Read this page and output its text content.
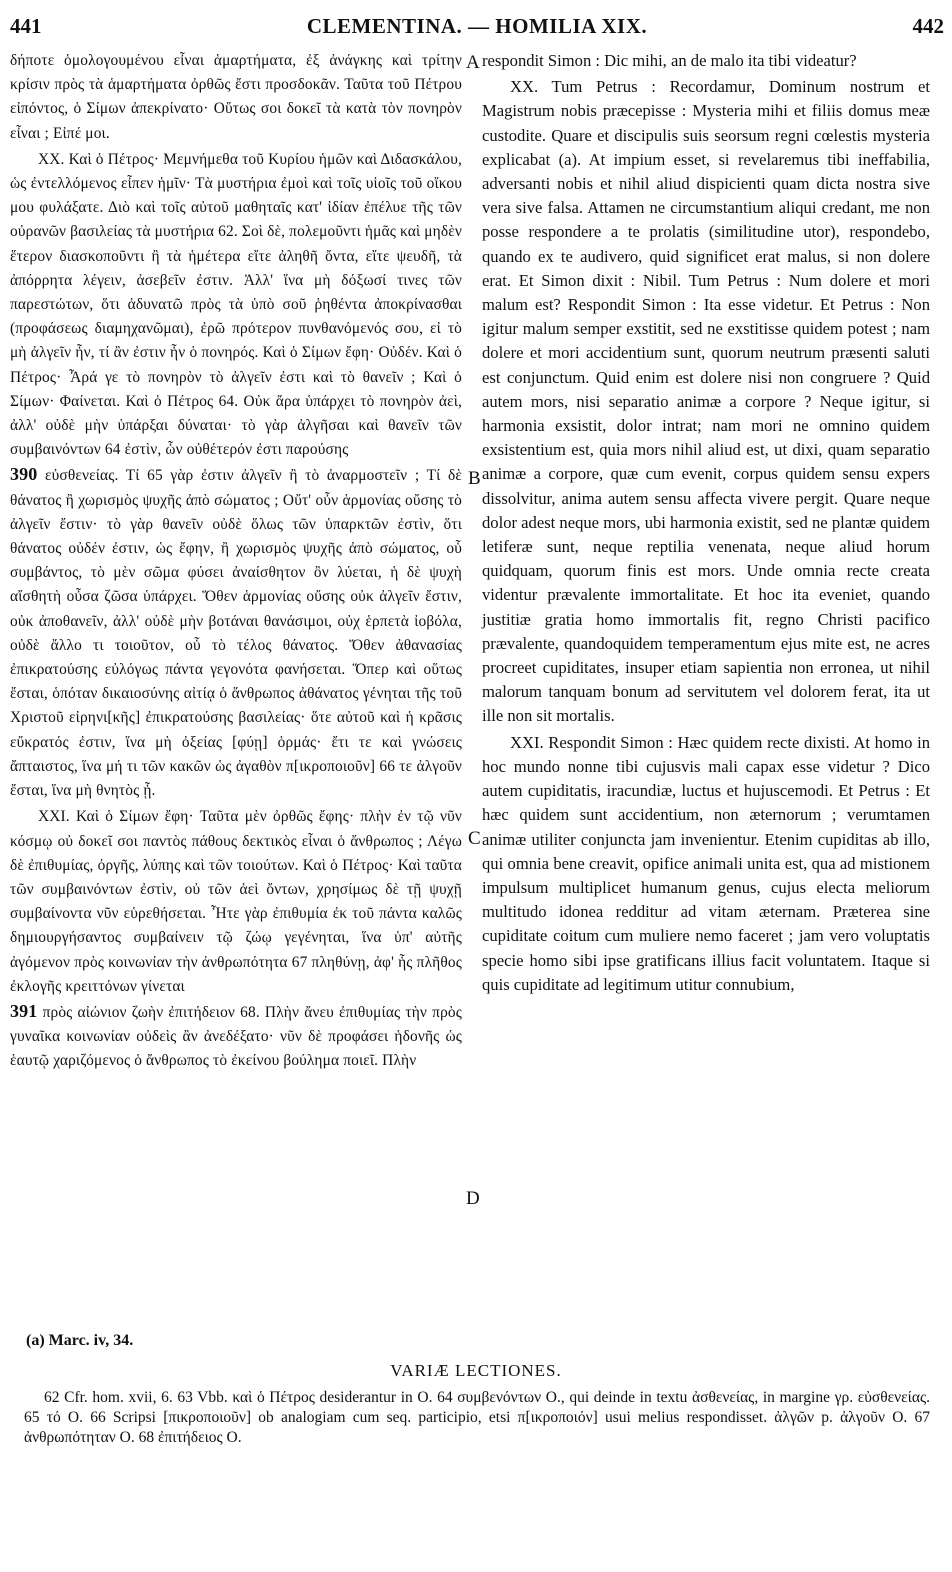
441	CLEMENTINA. — HOMILIA XIX.	442

δήποτε ὁμολογουμένου εἶναι ἁμαρτήματα, ἐξ ἀνάγκης καὶ τρίτην κρίσιν πρὸς τὰ ἁμαρτήματα ὀρθῶς ἔστι προσδοκᾶν. Ταῦτα τοῦ Πέτρου εἰπόντος, ὁ Σίμων ἀπεκρίνατο· Οὕτως σοι δοκεῖ τὰ κατὰ τὸν πονηρὸν εἶναι ; Εἰπέ μοι.

XX. Καὶ ὁ Πέτρος· Μεμνήμεθα τοῦ Κυρίου ἡμῶν καὶ Διδασκάλου, ὡς ἐντελλόμενος εἶπεν ἡμῖν· Τὰ μυστήρια ἐμοὶ καὶ τοῖς υἱοῖς τοῦ οἴκου μου φυλάξατε. Διὸ καὶ τοῖς αὐτοῦ μαθηταῖς κατ' ἰδίαν ἐπέλυε τῆς τῶν οὐρανῶν βασιλείας τὰ μυστήρια 62. Σοὶ δὲ, πολεμοῦντι ἡμᾶς καὶ μηδὲν ἕτερον διασκοποῦντι ἢ τὰ ἡμέτερα εἴτε ἀληθῆ ὄντα, εἴτε ψευδῆ, τὰ ἀπόρρητα λέγειν, ἀσεβεῖν ἐστιν. Ἀλλ' ἵνα μὴ δόξωσί τινες τῶν παρεστώτων, ὅτι ἀδυνατῶ πρὸς τὰ ὑπὸ σοῦ ῥηθέντα ἀποκρίνασθαι (προφάσεως διαμηχανῶμαι), ἐρῶ πρότερον πυνθανόμενός σου, εἰ τὸ μὴ ἀλγεῖν ἦν, τί ἂν ἐστιν ἦν ὁ πονηρός. Καὶ ὁ Σίμων ἔφη· Οὐδέν. Καὶ ὁ Πέτρος· Ἆρά γε τὸ πονηρὸν τὸ ἀλγεῖν ἐστι καὶ τὸ θανεῖν ; Καὶ ὁ Σίμων· Φαίνεται. Καὶ ὁ Πέτρος 64. Οὐκ ἄρα ὑπάρχει τὸ πονηρὸν ἀεὶ, ἀλλ' οὐδὲ μὴν ὑπάρξαι δύναται· τὸ γὰρ ἀλγῆσαι καὶ θανεῖν τῶν συμβαινόντων 64 ἐστὶν, ὧν οὐθέτερόν ἐστι παρούσης

390 εὐσθενείας. Τί 65 γὰρ ἐστιν ἀλγεῖν ἢ τὸ ἀναρμοστεῖν ; Τί δὲ θάνατος ἢ χωρισμὸς ψυχῆς ἀπὸ σώματος ; Οὔτ' οὖν ἁρμονίας οὔσης τὸ ἀλγεῖν ἔστιν· τὸ γὰρ θανεῖν οὐδὲ ὅλως τῶν ὑπαρκτῶν ἐστὶν, ὅτι θάνατος οὐδέν ἐστιν, ὡς ἔφην, ἢ χωρισμὸς ψυχῆς ἀπὸ σώματος, οὗ συμβάντος, τὸ μὲν σῶμα φύσει ἀναίσθητον ὂν λύεται, ἡ δὲ ψυχὴ αἴσθητὴ οὖσα ζῶσα ὑπάρχει. Ὅθεν ἁρμονίας οὔσης οὐκ ἀλγεῖν ἔστιν, οὐκ ἀποθανεῖν, ἀλλ' οὐδὲ μὴν βοτάναι θανάσιμοι, οὐχ ἑρπετὰ ἰοβόλα, οὐδὲ ἄλλο τι τοιοῦτον, οὗ τὸ τέλος θάνατος. Ὅθεν ἀθανασίας ἐπικρατούσης εὐλόγως πάντα γεγονότα φανήσεται. Ὅπερ καὶ οὕτως ἔσται, ὁπόταν δικαιοσύνης αἰτίᾳ ὁ ἄνθρωπος ἀθάνατος γένηται τῆς τοῦ Χριστοῦ εἰρηνι[κῆς] ἐπικρατούσης βασιλείας· ὅτε αὐτοῦ καὶ ἡ κρᾶσις εὔκρατός ἐστιν, ἵνα μὴ ὀξείας [φύῃ] ὁρμάς· ἔτι τε καὶ γνώσεις ἄπταιστος, ἵνα μή τι τῶν κακῶν ὡς ἀγαθὸν π[ικροποιοῦν] 66 τε ἀλγοῦν ἔσται, ἵνα μὴ θνητὸς ᾖ.

XXI. Καὶ ὁ Σίμων ἔφη· Ταῦτα μὲν ὀρθῶς ἔφης· πλὴν ἐν τῷ νῦν κόσμῳ οὐ δοκεῖ σοι παντὸς πάθους δεκτικὸς εἶναι ὁ ἄνθρωπος ; Λέγω δὲ ἐπιθυμίας, ὀργῆς, λύπης καὶ τῶν τοιούτων. Καὶ ὁ Πέτρος· Καὶ ταῦτα τῶν συμβαινόντων ἐστὶν, οὐ τῶν ἀεὶ ὄντων, χρησίμως δὲ τῇ ψυχῇ συμβαίνοντα νῦν εὑρεθήσεται. Ἦτε γὰρ ἐπιθυμία ἐκ τοῦ πάντα καλῶς δημιουργήσαντος συμβαίνειν τῷ ζώῳ γεγένηται, ἵνα ὑπ' αὐτῆς ἀγόμενον πρὸς κοινωνίαν τὴν ἀνθρωπότητα 67 πληθύνῃ, ἀφ' ἧς πλῆθος ἐκλογῆς κρειττόνων γίνεται

391 πρὸς αἰώνιον ζωὴν ἐπιτήδειον 68. Πλὴν ἄνευ ἐπιθυμίας τὴν πρὸς γυναῖκα κοινωνίαν οὐδεὶς ἂν ἀνεδέξατο· νῦν δὲ προφάσει ἡδονῆς ὡς ἑαυτῷ χαριζόμενος ὁ ἄνθρωπος τὸ ἐκείνου βούλημα ποιεῖ. Πλὴν

A
B
C
D

respondit Simon : Dic mihi, an de malo ita tibi videatur?

XX. Tum Petrus : Recordamur, Dominum nostrum et Magistrum nobis præcepisse : Mysteria mihi et filiis domus meæ custodite. Quare et discipulis suis seorsum regni cœlestis mysteria explicabat (a). At impium esset, si revelaremus tibi ineffabilia, adversanti nobis et nihil aliud dispicienti quam dicta nostra sive vera sive falsa. Attamen ne circumstantium aliqui credant, me non posse respondere a te prolatis (similitudine utor), respondebo, quando ex te audivero, quid significet erat malus, si non dolere erat. Et Simon dixit : Nibil. Tum Petrus : Num dolere et mori malum est? Respondit Simon : Ita esse videtur. Et Petrus : Non igitur malum semper exstitit, sed ne exstitisse quidem potest ; nam dolere et mori accidentium sunt, quorum neutrum præsenti saluti est conjunctum. Quid enim est dolere nisi non congruere ? Quid autem mors, nisi separatio animæ a corpore ? Neque igitur, si harmonia exsistit, dolor intrat; nam mori ne omnino quidem exsistentium est, quia mors nihil aliud est, ut dixi, quam separatio animæ a corpore, quæ cum evenit, corpus quidem sensu expers dissolvitur, anima autem sensu affecta vivere pergit. Quare neque dolor adest neque mors, ubi harmonia existit, sed ne plantæ quidem letiferæ sunt, neque reptilia venenata, neque aliud horum quidquam, quorum finis est mors. Unde omnia recte creata videntur prævalente immortalitate. Et hoc ita eveniet, quando justitiæ gratia homo immortalis fit, regno Christi pacifico prævalente, quandoquidem temperamentum ejus mite est, ne acres procreet cupiditates, insuper etiam sapientia non erronea, ut nihil malorum tanquam bonum ad servitutem vel dolorem ferat, ita ut ille non sit mortalis.

XXI. Respondit Simon : Hæc quidem recte dixisti. At homo in hoc mundo nonne tibi cujusvis mali capax esse videtur ? Dico autem cupiditatis, iracundiæ, luctus et hujuscemodi. Et Petrus : Et hæc quidem sunt accidentium, non æternorum ; verumtamen animæ utiliter conjuncta jam invenientur. Etenim cupiditas ab illo, qui omnia bene creavit, opifice animali unita est, qua ad mistionem impulsum multiplicet humanum genus, cujus electa meliorum multitudo idonea redditur ad vitam æternam. Præterea sine cupiditate coitum cum muliere nemo faceret ; jam vero voluptatis specie homo sibi ipse gratificans illius facit voluntatem. Itaque si quis cupiditate ad legitimum utitur connubium,

(a) Marc. iv, 34.
VARIÆ LECTIONES.
62 Cfr. hom. xvii, 6. 63 Vbb. καὶ ὁ Πέτρος desiderantur in O. 64 συμβενόντων O., qui deinde in textu ἀσθενείας, in margine γρ. εὐσθενείας. 65 τό O. 66 Scripsi [πικροποιοῦν] ob analogiam cum seq. participio, etsi π[ικροποιόν] usui melius respondisset. ἀλγῶν p. ἀλγοῦν O. 67 ἀνθρωπότηταν O. 68 ἐπιτήδειος O.
